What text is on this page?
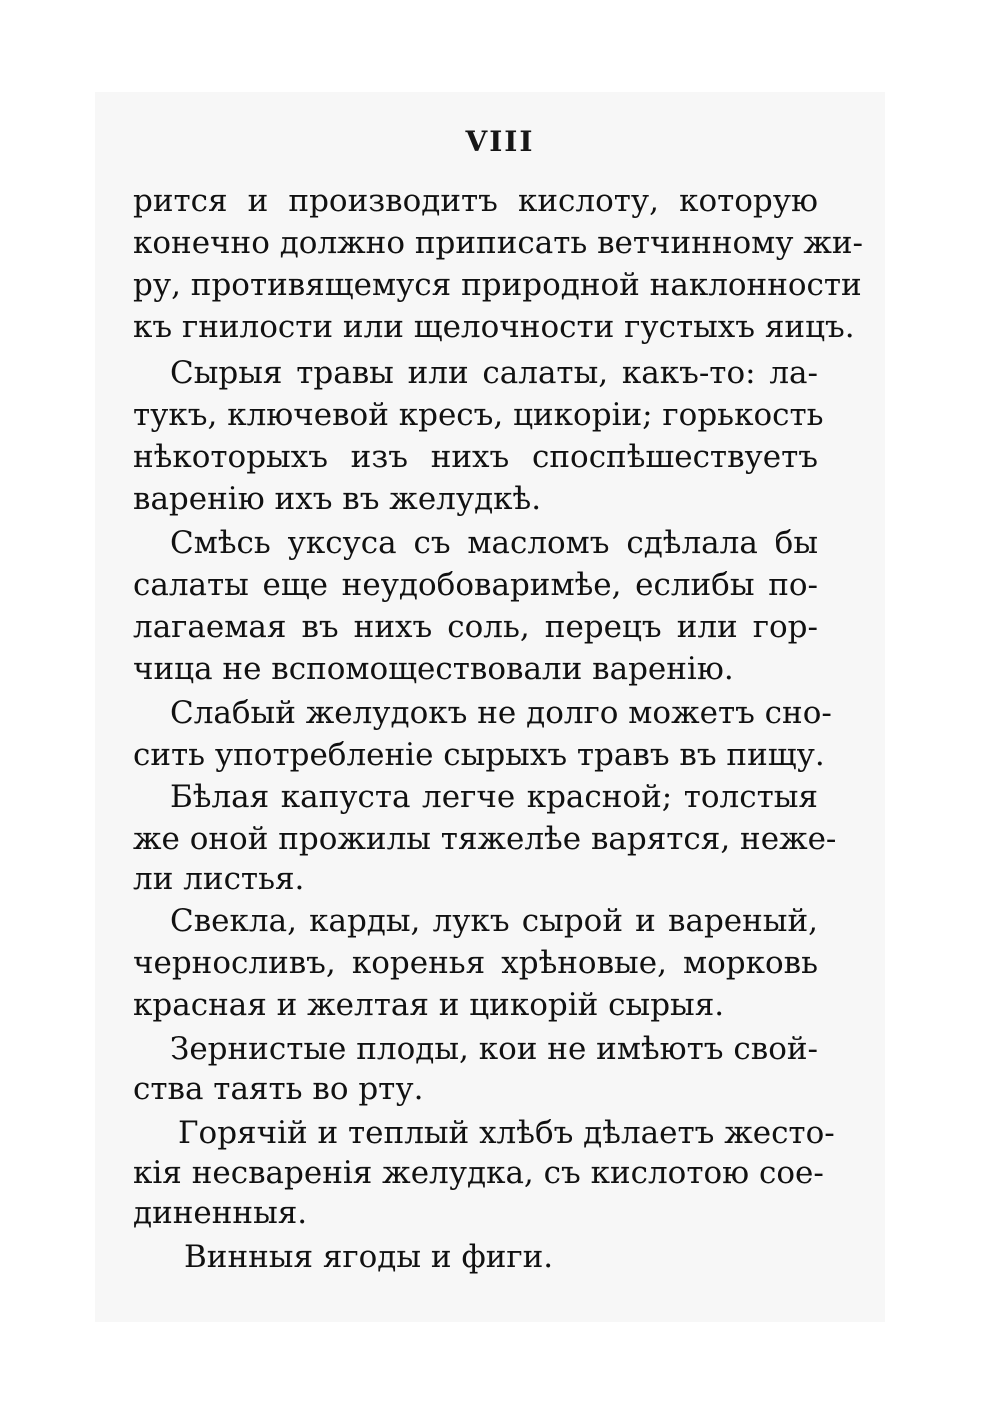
VIII
рится и производитъ кислоту, которую
конечно должно приписать ветчинному жи-
ру, противящемуся природной наклонности
къ гнилости или щелочности густыхъ яицъ.
Сырыя травы или салаты, какъ-то: ла-
тукъ, ключевой кресъ, цикорiи; горькость
нѣкоторыхъ изъ нихъ споспѣшествуетъ
варенiю ихъ въ желудкѣ.
Смѣсь уксуса съ масломъ сдѣлала бы
салаты еще неудобоваримѣе, еслибы по-
лагаемая въ нихъ соль, перецъ или гор-
чица не вспомоществовали варенiю.
Слабый желудокъ не долго можетъ сно-
сить употребленiе сырыхъ травъ въ пищу.
Бѣлая капуста легче красной; толстыя
же оной прожилы тяжелѣе варятся, неже-
ли листья.
Свекла, карды, лукъ сырой и вареный,
черносливъ, коренья хрѣновые, морковь
красная и желтая и цикорiй сырыя.
Зернистые плоды, кои не имѣютъ свой-
ства таять во рту.
Горячiй и теплый хлѣбъ дѣлаетъ жесто-
кiя несваренiя желудка, съ кислотою сое-
диненныя.
Винныя ягоды и фиги.
